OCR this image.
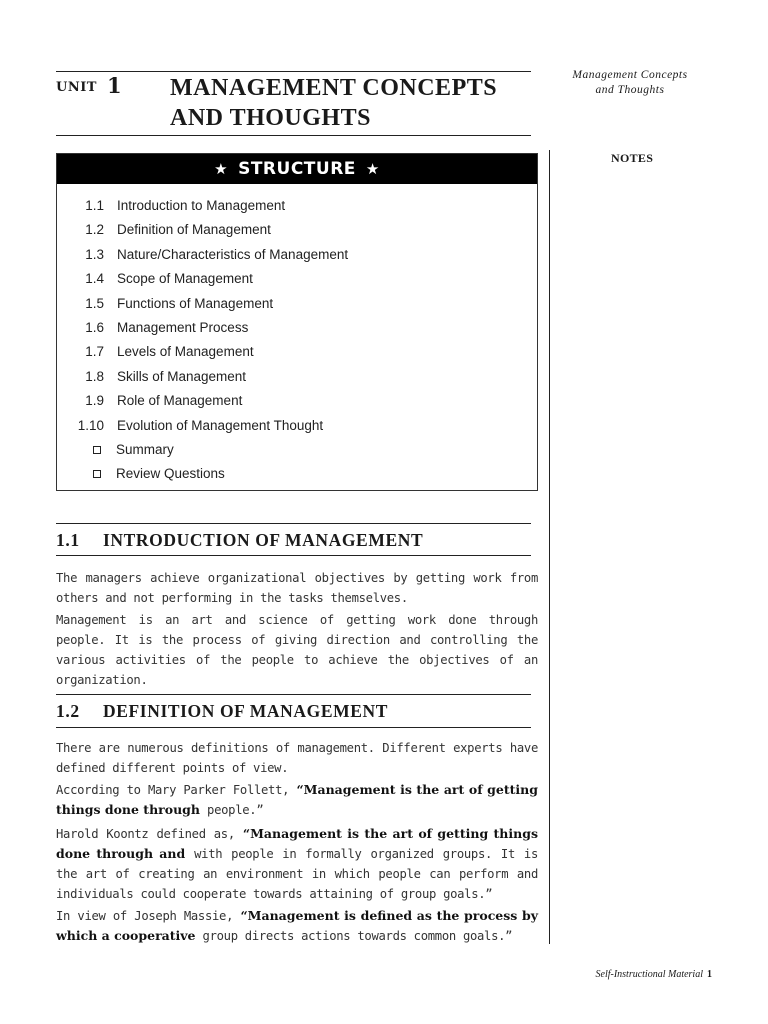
UNIT 1 MANAGEMENT CONCEPTS
AND THOUGHTS
Management Concepts
and Thoughts
NOTES
★ STRUCTURE ★
1.1 Introduction to Management
1.2 Definition of Management
1.3 Nature/Characteristics of Management
1.4 Scope of Management
1.5 Functions of Management
1.6 Management Process
1.7 Levels of Management
1.8 Skills of Management
1.9 Role of Management
1.10 Evolution of Management Thought
Summary
Review Questions
1.1 INTRODUCTION OF MANAGEMENT
The managers achieve organizational objectives by getting work from others and not performing in the tasks themselves.
Management is an art and science of getting work done through people. It is the process of giving direction and controlling the various activities of the people to achieve the objectives of an organization.
1.2 DEFINITION OF MANAGEMENT
There are numerous definitions of management. Different experts have defined different points of view.
According to Mary Parker Follett, “Management is the art of getting things done through people.”
Harold Koontz defined as, “Management is the art of getting things done through and with people in formally organized groups. It is the art of creating an environment in which people can perform and individuals could cooperate towards attaining of group goals.”
In view of Joseph Massie, “Management is defined as the process by which a cooperative group directs actions towards common goals.”
Self-Instructional Material 1
